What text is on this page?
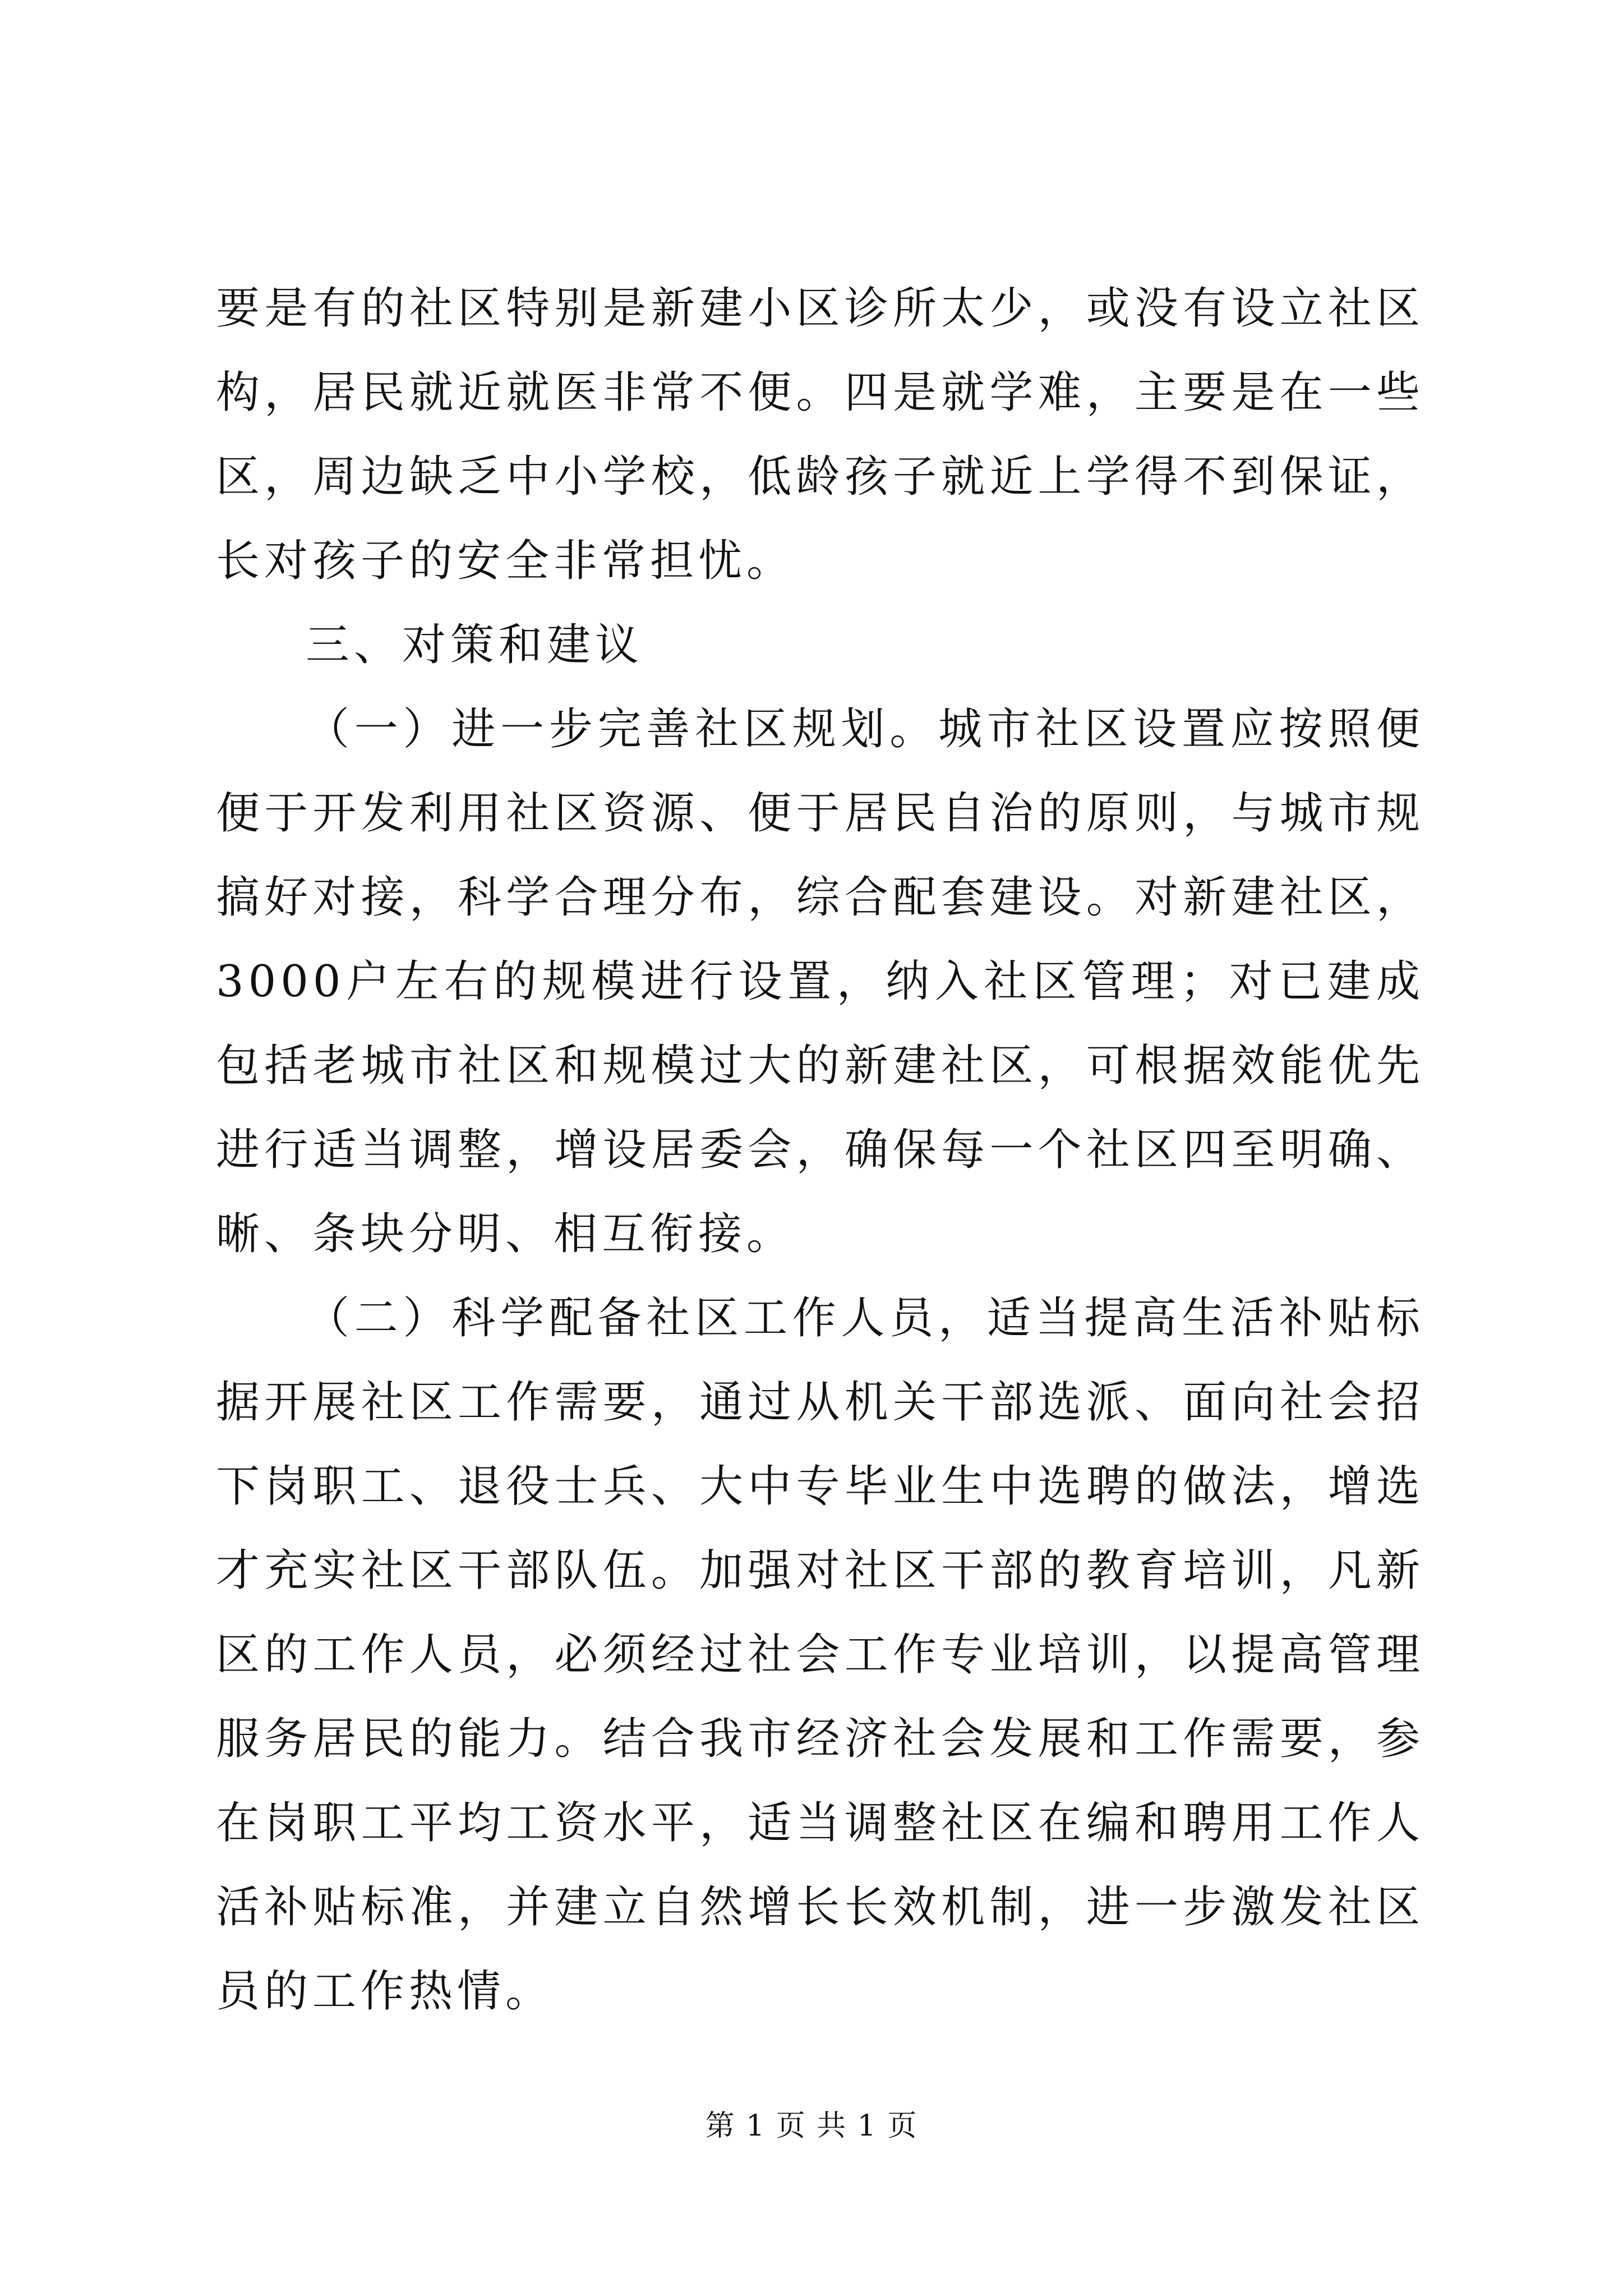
要是有的社区特别是新建小区诊所太少，或没有设立社区
构，居民就近就医非常不便。四是就学难，主要是在一些
区，周边缺乏中小学校，低龄孩子就近上学得不到保证，
长对孩子的安全非常担忧。
三、对策和建议
（一）进一步完善社区规划。城市社区设置应按照便
便于开发利用社区资源、便于居民自治的原则，与城市规
搞好对接，科学合理分布，综合配套建设。对新建社区，
3000户左右的规模进行设置，纳入社区管理；对已建成
包括老城市社区和规模过大的新建社区，可根据效能优先
进行适当调整，增设居委会，确保每一个社区四至明确、
晰、条块分明、相互衔接。
（二）科学配备社区工作人员，适当提高生活补贴标
据开展社区工作需要，通过从机关干部选派、面向社会招
下岗职工、退役士兵、大中专毕业生中选聘的做法，增选
才充实社区干部队伍。加强对社区干部的教育培训，凡新
区的工作人员，必须经过社会工作专业培训，以提高管理
服务居民的能力。结合我市经济社会发展和工作需要，参
在岗职工平均工资水平，适当调整社区在编和聘用工作人
活补贴标准，并建立自然增长长效机制，进一步激发社区
员的工作热情。
第 1 页 共 1 页
